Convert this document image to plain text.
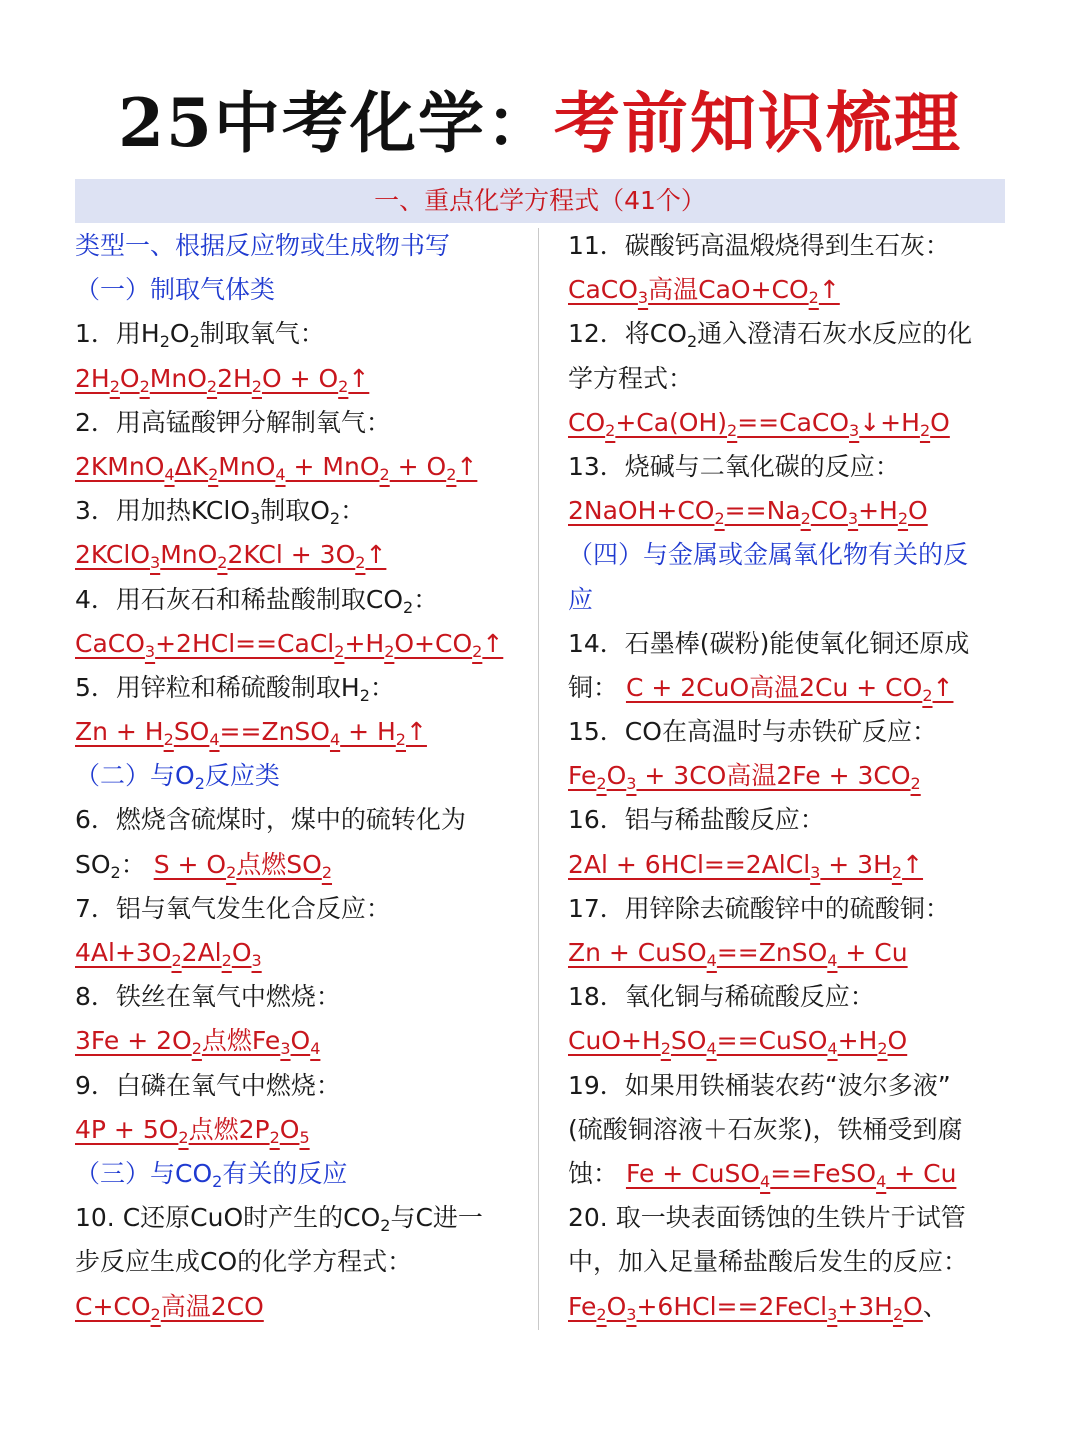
25中考化学：考前知识梳理
一、重点化学方程式（41个）
类型一、根据反应物或生成物书写
（一）制取气体类
1．用$H_2O_2$制取氧气：
$2H_2O_2MnO_22H_2O$ + $O_2↑$
2．用高锰酸钾分解制氧气：
$2KMnO_4\Delta K_2MnO_4 + MnO_2$ + $O_2↑$
3．用加热KClO$_3$制取$O_2$：
2KClO$_3$MnO$_2$2KCl + $3O_2↑$
4．用石灰石和稀盐酸制取$CO_2$：
$CaCO_3+2HCl==CaCl_2+H_2O+CO_2↑$
5．用锌粒和稀硫酸制取$H_2$：
$Zn + H_2SO_4==ZnSO_4$ + $H_2↑$
（二）与$O_2$反应类
6．燃烧含硫煤时，煤中的硫转化为
$SO_2$： $S + O_2$点燃$SO_2$
7．铝与氧气发生化合反应：
$4Al+3O_22Al_2O_3$
8．铁丝在氧气中燃烧：
$3Fe + 2O_2$点燃$Fe_3O_4$
9．白磷在氧气中燃烧：
$4P + 5O_2$点燃$2P_2O_5$
（三）与$CO_2$有关的反应
10. C还原CuO时产生的$CO_2$与C进一
步反应生成CO的化学方程式：
$C+CO_2$高温2CO
11．碳酸钙高温煅烧得到生石灰：
CaCO$_3$高温$CaO+CO_2↑$
12．将$CO_2$通入澄清石灰水反应的化
学方程式：
$CO_2+Ca(OH)_2==CaCO_3↓+H_2O$
13．烧碱与二氧化碳的反应：
$2NaOH+CO_2==Na_2CO_3+H_2O$
（四）与金属或金属氧化物有关的反
应
14．石墨棒(碳粉)能使氧化铜还原成
铜： C + 2CuO高温$2Cu + CO_2↑$
15．CO在高温时与赤铁矿反应：
$Fe_2O_3 + 3CO$高温$2Fe + 3CO_2$
16．铝与稀盐酸反应：
2Al + 6HCl==2AlCl$_3$ + $3H_2↑$
17．用锌除去硫酸锌中的硫酸铜：
Zn + CuSO$_4$==ZnSO$_4$ + Cu
18．氧化铜与稀硫酸反应：
$CuO+H_2SO_4==CuSO_4+H_2O$
19．如果用铁桶装农药“波尔多液”
(硫酸铜溶液＋石灰浆)，铁桶受到腐
蚀： Fe + CuSO$_4$==FeSO$_4$ + Cu
20. 取一块表面锈蚀的生铁片于试管
中，加入足量稀盐酸后发生的反应：
$Fe_2O_3+6HCl==2FeCl_3+3H_2O$、
